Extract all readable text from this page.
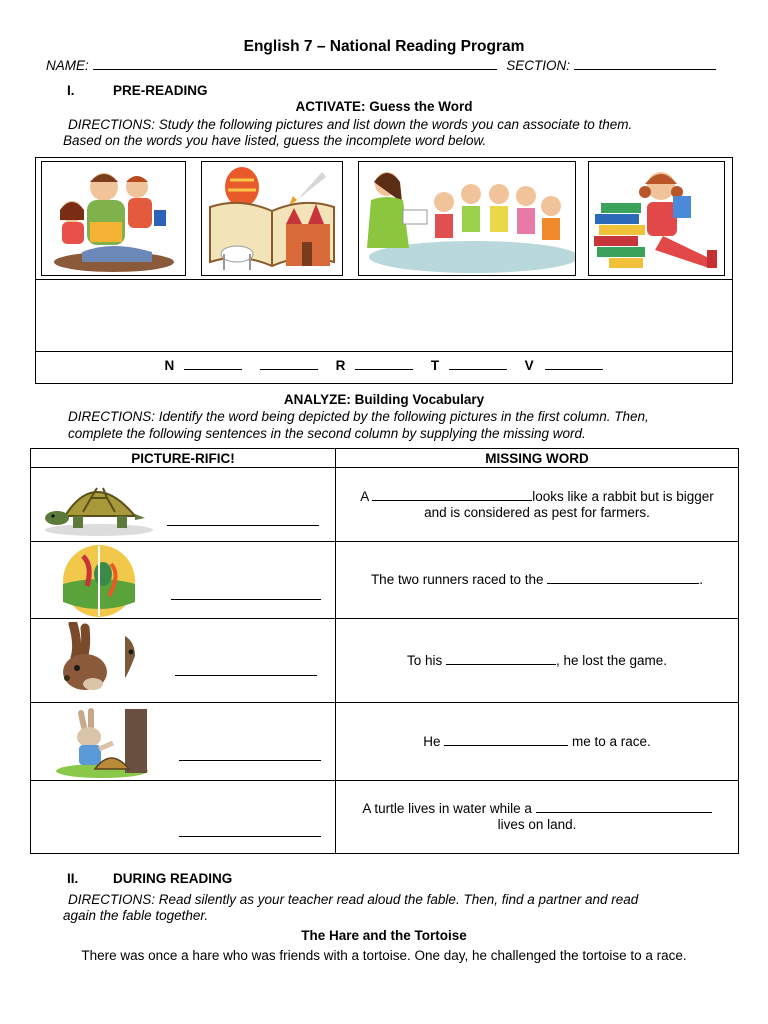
English 7 – National Reading Program
NAME:	SECTION:
I.	PRE-READING
ACTIVATE: Guess the Word
DIRECTIONS: Study the following pictures and list down the words you can associate to them.
Based on the words you have listed, guess the incomplete word below.
N	R	T	V
ANALYZE: Building Vocabulary
DIRECTIONS: Identify the word being depicted by the following pictures in the first column. Then,
complete the following sentences in the second column by supplying the missing word.
PICTURE-RIFIC!	MISSING WORD

A looks like a rabbit but is bigger
and is considered as pest for farmers.

The two runners raced to the .

To his , he lost the game.

He me to a race.

	A turtle lives in water while a
lives on land.
II.	DURING READING
DIRECTIONS: Read silently as your teacher read aloud the fable. Then, find a partner and read
again the fable together.
The Hare and the Tortoise
There was once a hare who was friends with a tortoise. One day, he challenged the tortoise to a race.
